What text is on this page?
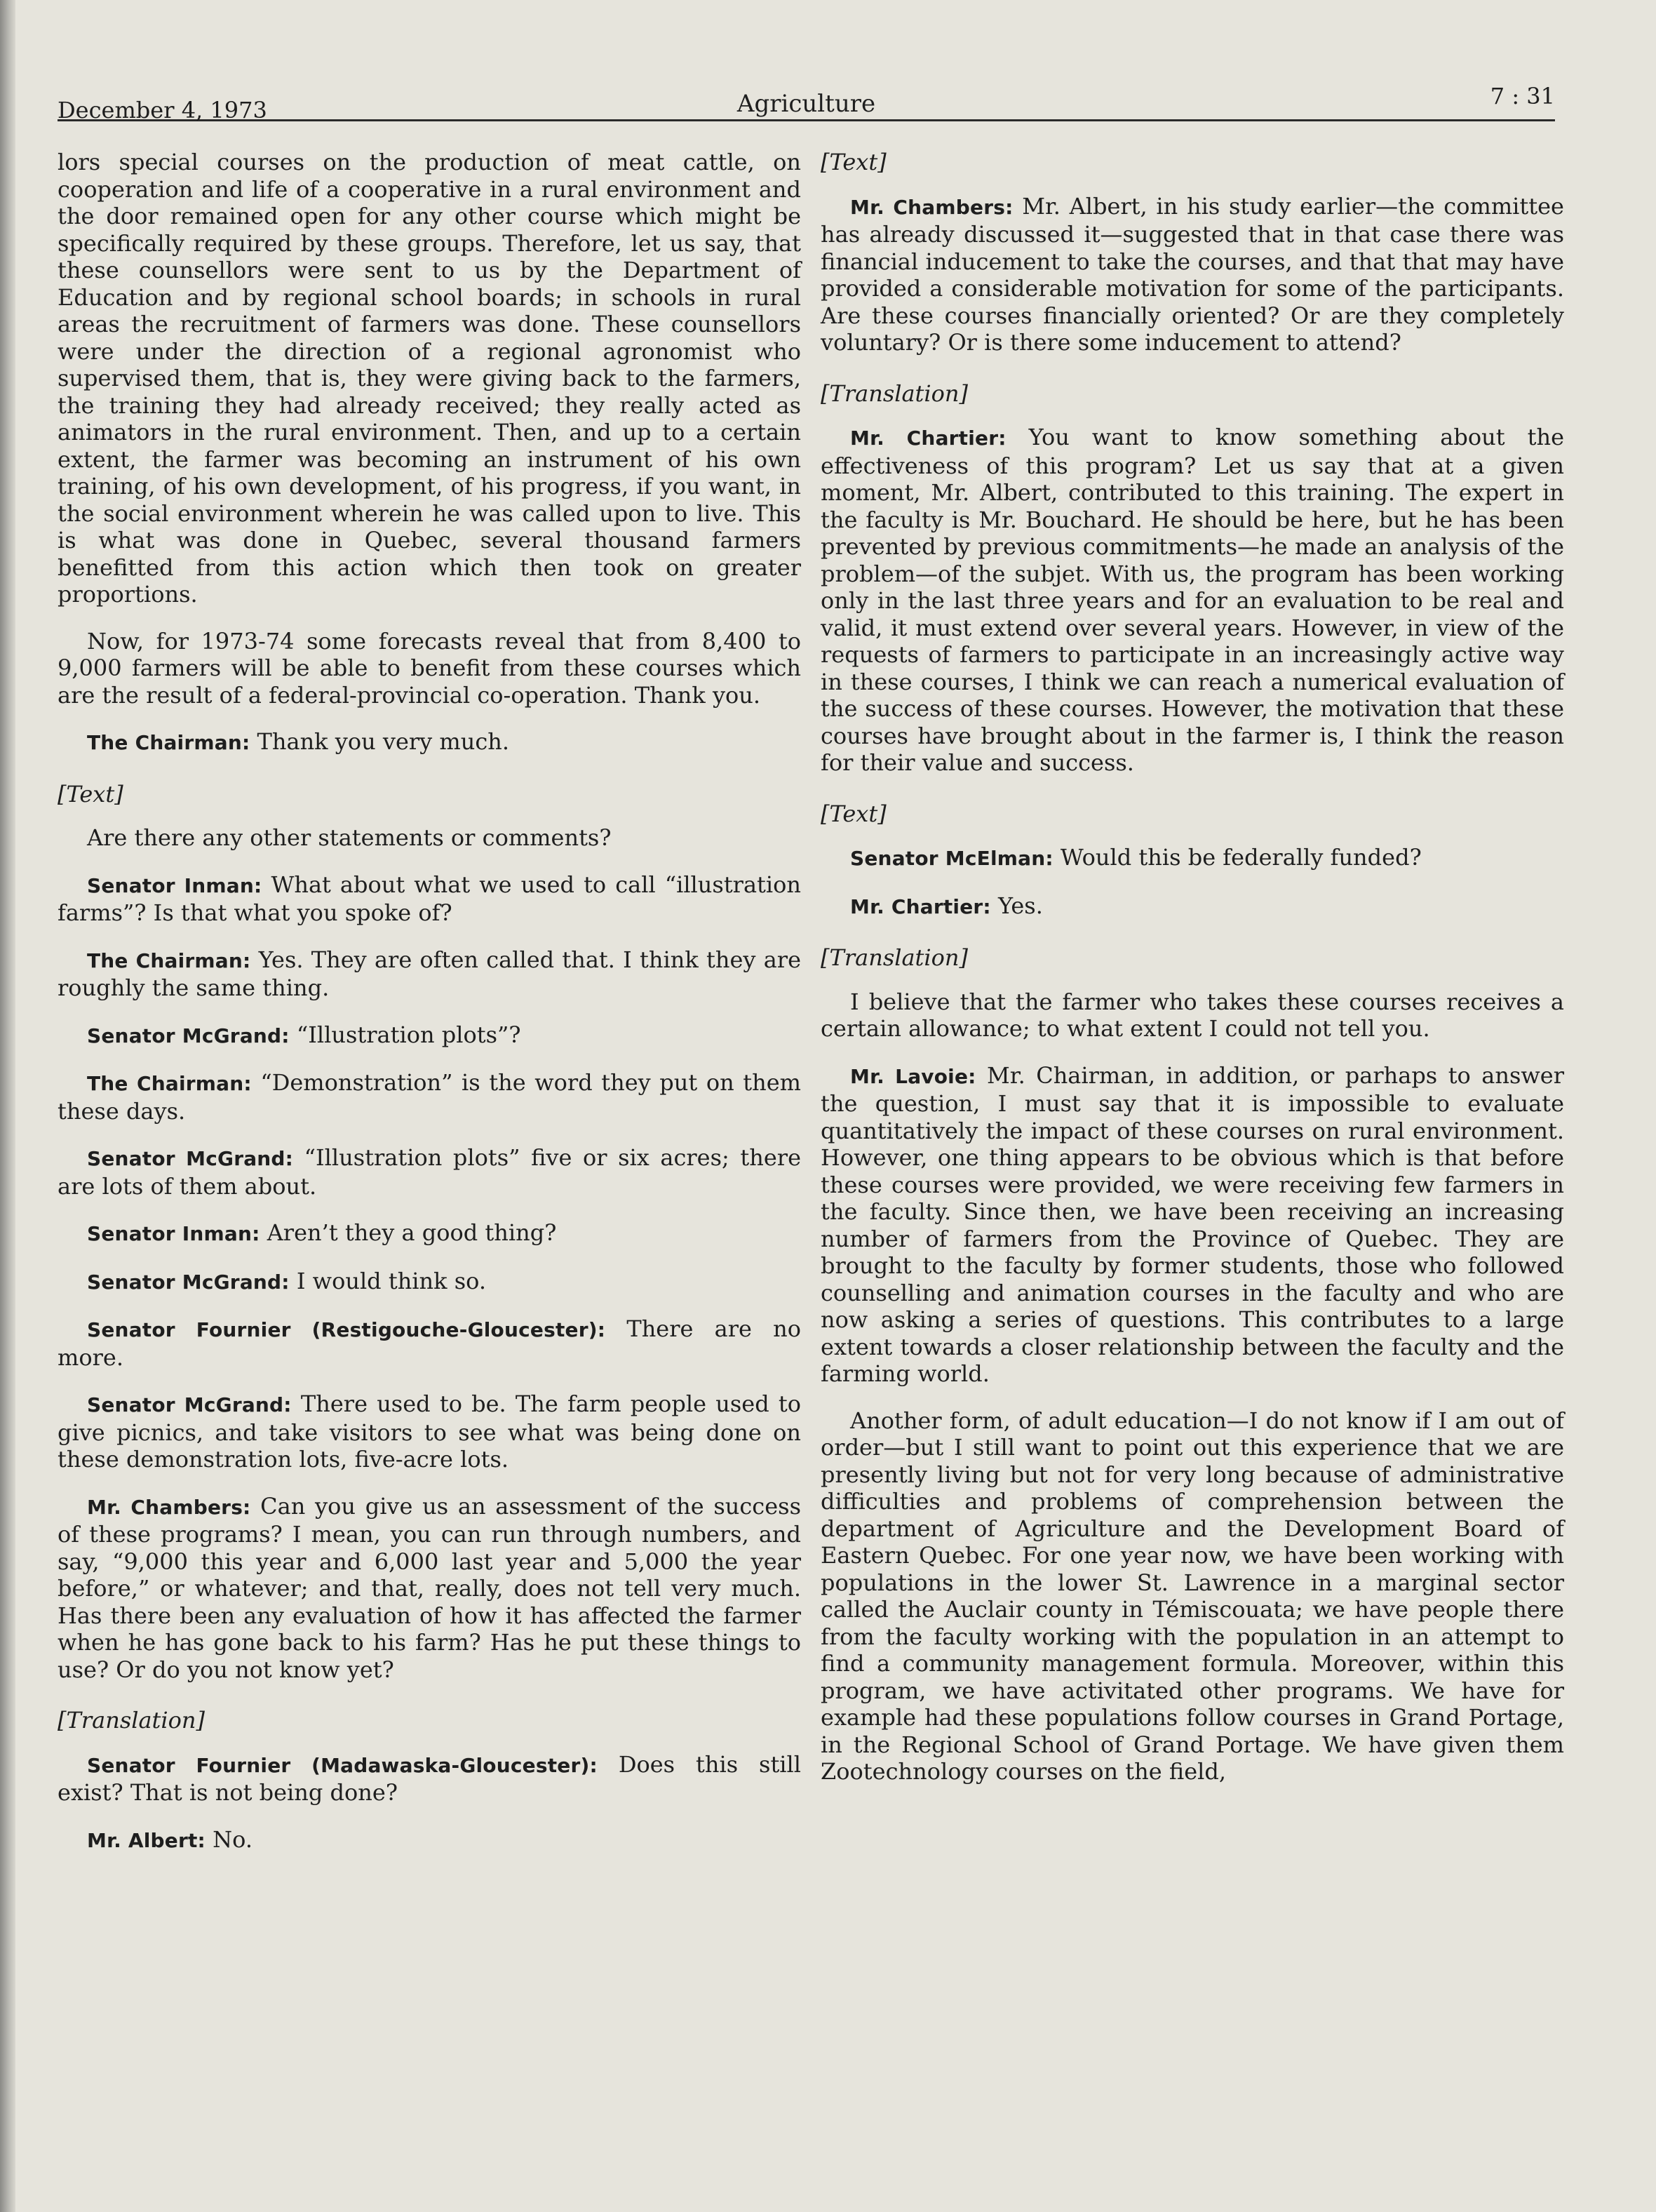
December 4, 1973	Agriculture	7 : 31

lors special courses on the production of meat cattle, on cooperation and life of a cooperative in a rural environment and the door remained open for any other course which might be specifically required by these groups. Therefore, let us say, that these counsellors were sent to us by the Department of Education and by regional school boards; in schools in rural areas the recruitment of farmers was done. These counsellors were under the direction of a regional agronomist who supervised them, that is, they were giving back to the farmers, the training they had already received; they really acted as animators in the rural environment. Then, and up to a certain extent, the farmer was becoming an instrument of his own training, of his own development, of his progress, if you want, in the social environment wherein he was called upon to live. This is what was done in Quebec, several thousand farmers benefitted from this action which then took on greater proportions.

Now, for 1973-74 some forecasts reveal that from 8,400 to 9,000 farmers will be able to benefit from these courses which are the result of a federal-provincial co-operation. Thank you.

The Chairman: Thank you very much.

[Text]

Are there any other statements or comments?

Senator Inman: What about what we used to call “illustration farms”? Is that what you spoke of?

The Chairman: Yes. They are often called that. I think they are roughly the same thing.

Senator McGrand: “Illustration plots”?

The Chairman: “Demonstration” is the word they put on them these days.

Senator McGrand: “Illustration plots” five or six acres; there are lots of them about.

Senator Inman: Aren’t they a good thing?

Senator McGrand: I would think so.

Senator Fournier (Restigouche-Gloucester): There are no more.

Senator McGrand: There used to be. The farm people used to give picnics, and take visitors to see what was being done on these demonstration lots, five-acre lots.

Mr. Chambers: Can you give us an assessment of the success of these programs? I mean, you can run through numbers, and say, “9,000 this year and 6,000 last year and 5,000 the year before,” or whatever; and that, really, does not tell very much. Has there been any evaluation of how it has affected the farmer when he has gone back to his farm? Has he put these things to use? Or do you not know yet?

[Translation]

Senator Fournier (Madawaska-Gloucester): Does this still exist? That is not being done?

Mr. Albert: No.

[Text]

Mr. Chambers: Mr. Albert, in his study earlier—the committee has already discussed it—suggested that in that case there was financial inducement to take the courses, and that that may have provided a considerable motivation for some of the participants. Are these courses financially oriented? Or are they completely voluntary? Or is there some inducement to attend?

[Translation]

Mr. Chartier: You want to know something about the effectiveness of this program? Let us say that at a given moment, Mr. Albert, contributed to this training. The expert in the faculty is Mr. Bouchard. He should be here, but he has been prevented by previous commitments—he made an analysis of the problem—of the subjet. With us, the program has been working only in the last three years and for an evaluation to be real and valid, it must extend over several years. However, in view of the requests of farmers to participate in an increasingly active way in these courses, I think we can reach a numerical evaluation of the success of these courses. However, the motivation that these courses have brought about in the farmer is, I think the reason for their value and success.

[Text]

Senator McElman: Would this be federally funded?

Mr. Chartier: Yes.

[Translation]

I believe that the farmer who takes these courses receives a certain allowance; to what extent I could not tell you.

Mr. Lavoie: Mr. Chairman, in addition, or parhaps to answer the question, I must say that it is impossible to evaluate quantitatively the impact of these courses on rural environment. However, one thing appears to be obvious which is that before these courses were provided, we were receiving few farmers in the faculty. Since then, we have been receiving an increasing number of farmers from the Province of Quebec. They are brought to the faculty by former students, those who followed counselling and animation courses in the faculty and who are now asking a series of questions. This contributes to a large extent towards a closer relationship between the faculty and the farming world.

Another form, of adult education—I do not know if I am out of order—but I still want to point out this experience that we are presently living but not for very long because of administrative difficulties and problems of comprehension between the department of Agriculture and the Development Board of Eastern Quebec. For one year now, we have been working with populations in the lower St. Lawrence in a marginal sector called the Auclair county in Témiscouata; we have people there from the faculty working with the population in an attempt to find a community management formula. Moreover, within this program, we have activitated other programs. We have for example had these populations follow courses in Grand Portage, in the Regional School of Grand Portage. We have given them Zootechnology courses on the field,
